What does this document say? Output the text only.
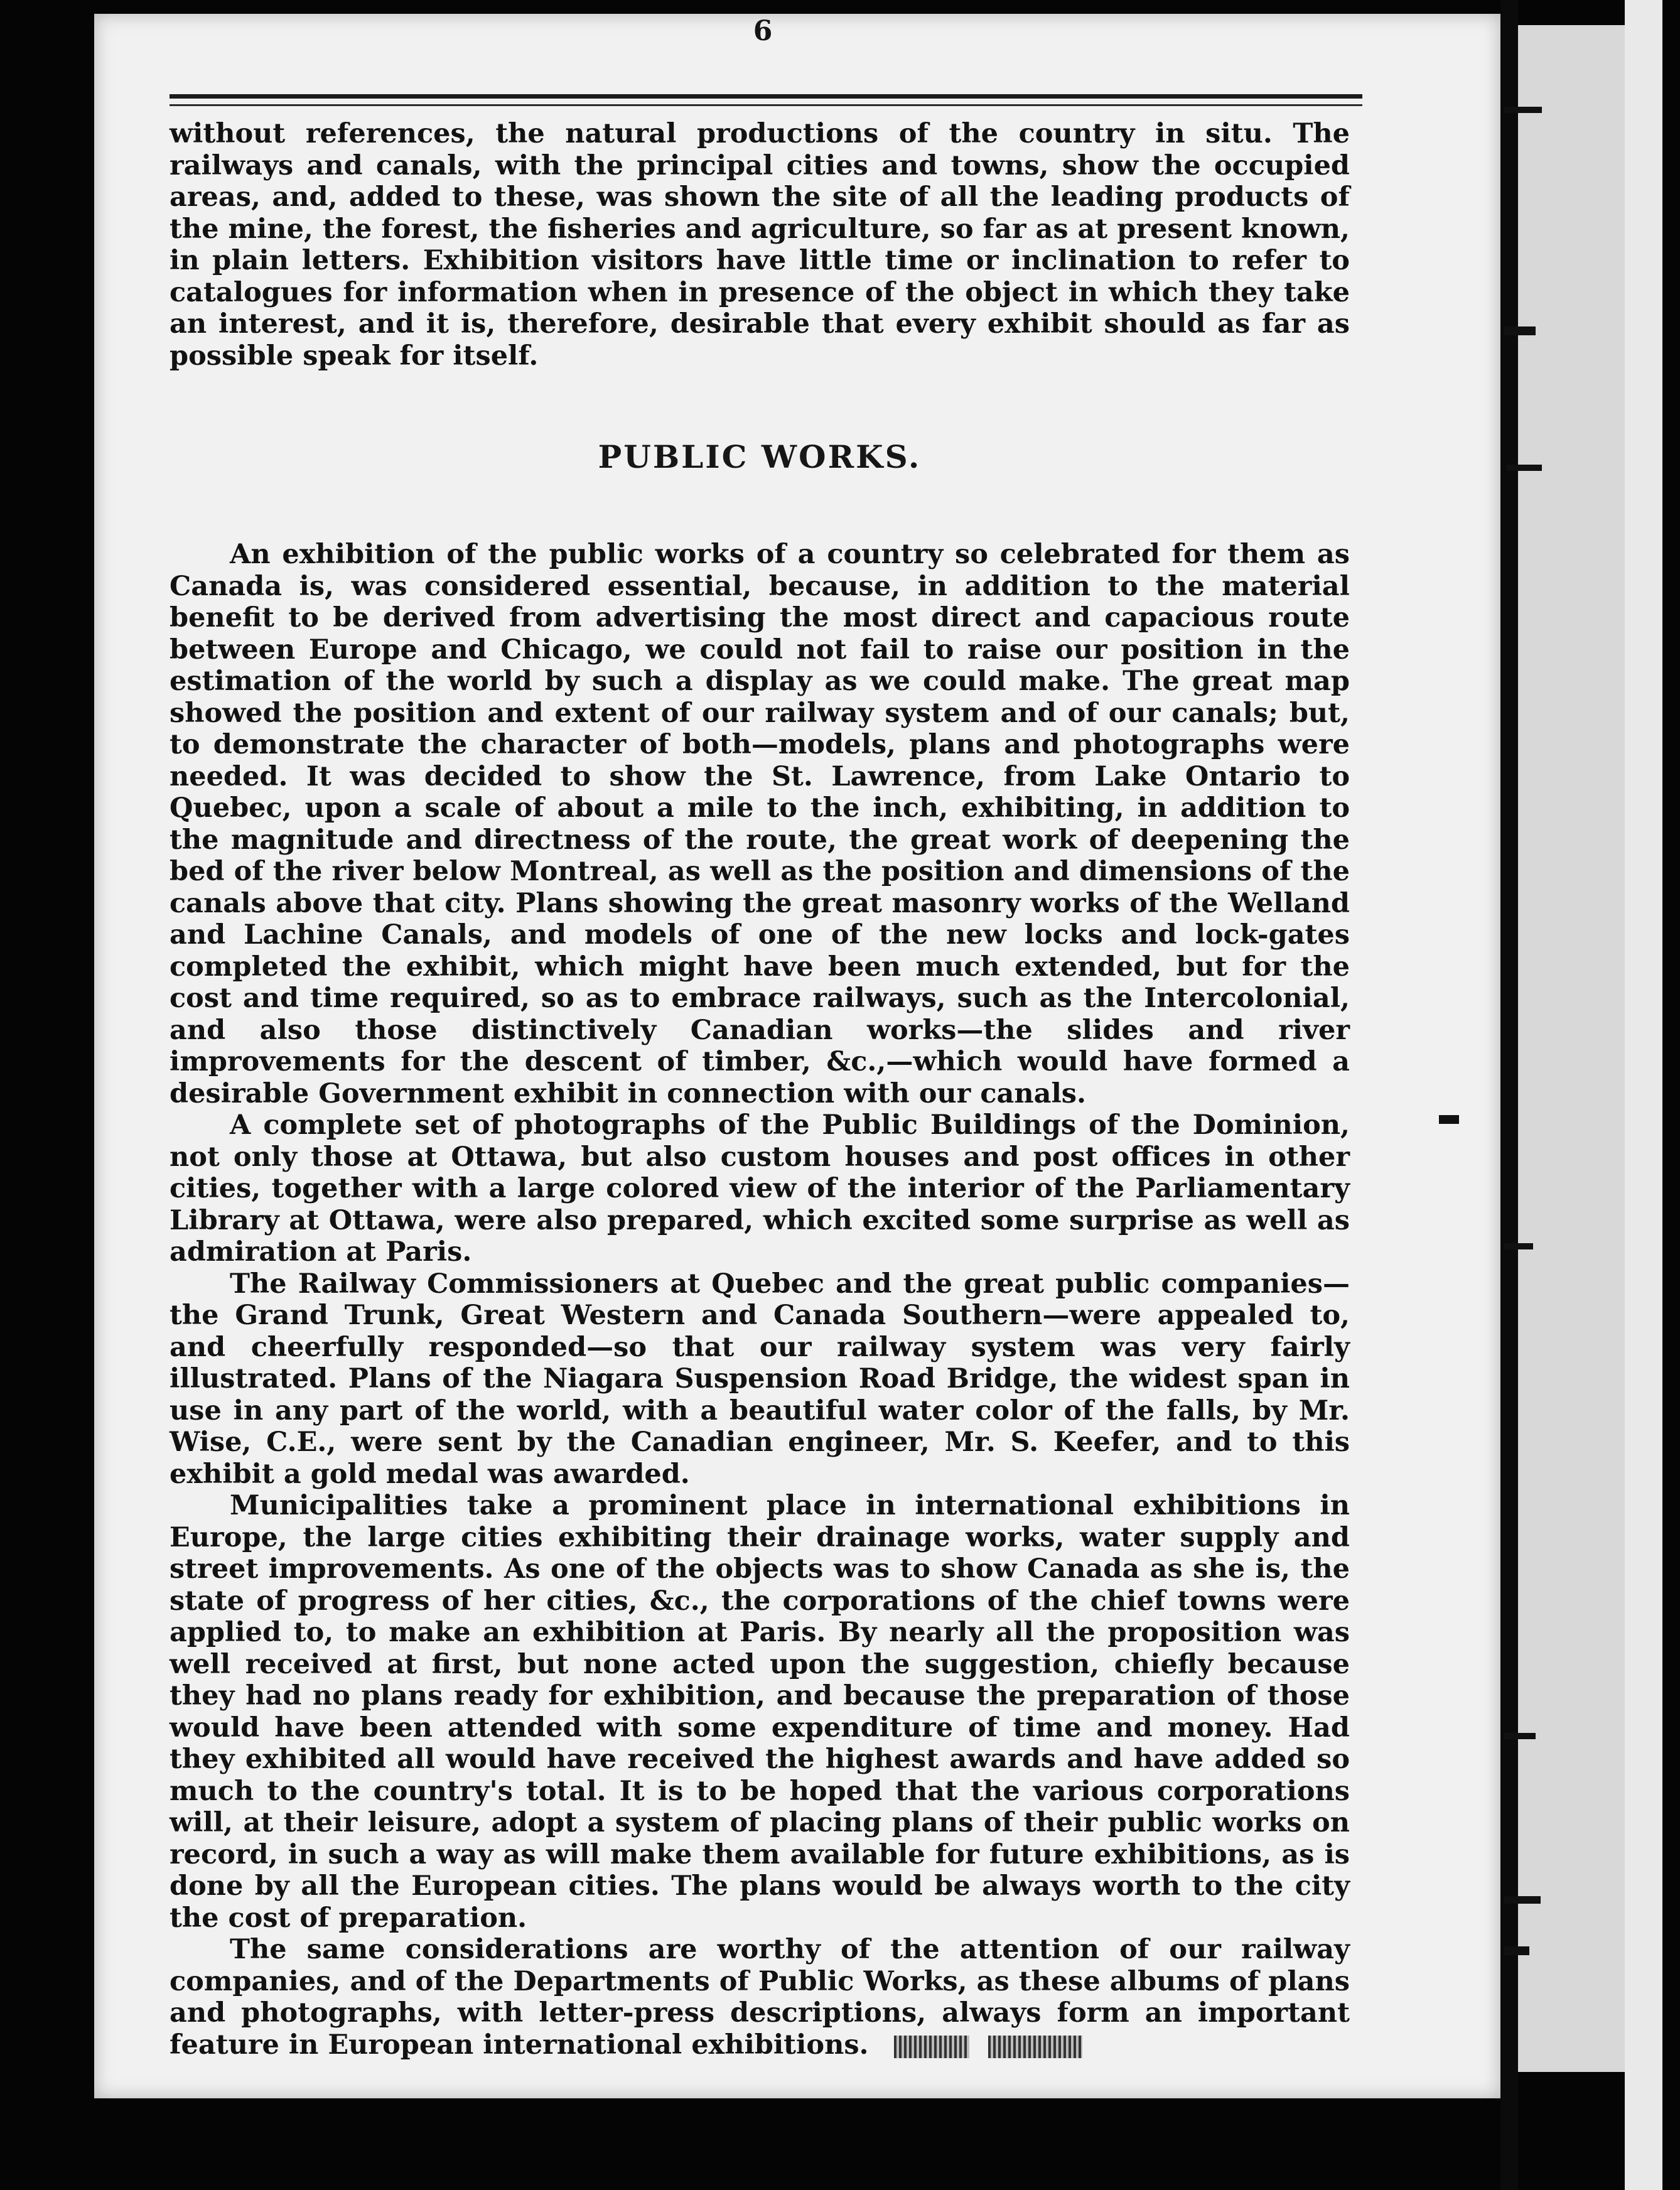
6

without references, the natural productions of the country in situ. The railways and canals, with the principal cities and towns, show the occupied areas, and, added to these, was shown the site of all the leading products of the mine, the forest, the fisheries and agriculture, so far as at present known, in plain letters. Exhibition visitors have little time or inclination to refer to catalogues for information when in presence of the object in which they take an interest, and it is, therefore, desirable that every exhibit should as far as possible speak for itself.

PUBLIC WORKS.

An exhibition of the public works of a country so celebrated for them as Canada is, was considered essential, because, in addition to the material benefit to be derived from advertising the most direct and capacious route between Europe and Chicago, we could not fail to raise our position in the estimation of the world by such a display as we could make. The great map showed the position and extent of our railway system and of our canals; but, to demonstrate the character of both—models, plans and photographs were needed. It was decided to show the St. Lawrence, from Lake Ontario to Quebec, upon a scale of about a mile to the inch, exhibiting, in addition to the magnitude and directness of the route, the great work of deepening the bed of the river below Montreal, as well as the position and dimensions of the canals above that city. Plans showing the great masonry works of the Welland and Lachine Canals, and models of one of the new locks and lock-gates completed the exhibit, which might have been much extended, but for the cost and time required, so as to embrace railways, such as the Intercolonial, and also those distinctively Canadian works—the slides and river improvements for the descent of timber, &c.,—which would have formed a desirable Government exhibit in connection with our canals.

A complete set of photographs of the Public Buildings of the Dominion, not only those at Ottawa, but also custom houses and post offices in other cities, together with a large colored view of the interior of the Parliamentary Library at Ottawa, were also prepared, which excited some surprise as well as admiration at Paris.

The Railway Commissioners at Quebec and the great public companies—the Grand Trunk, Great Western and Canada Southern—were appealed to, and cheerfully responded—so that our railway system was very fairly illustrated. Plans of the Niagara Suspension Road Bridge, the widest span in use in any part of the world, with a beautiful water color of the falls, by Mr. Wise, C.E., were sent by the Canadian engineer, Mr. S. Keefer, and to this exhibit a gold medal was awarded.

Municipalities take a prominent place in international exhibitions in Europe, the large cities exhibiting their drainage works, water supply and street improvements. As one of the objects was to show Canada as she is, the state of progress of her cities, &c., the corporations of the chief towns were applied to, to make an exhibition at Paris. By nearly all the proposition was well received at first, but none acted upon the suggestion, chiefly because they had no plans ready for exhibition, and because the preparation of those would have been attended with some expenditure of time and money. Had they exhibited all would have received the highest awards and have added so much to the country's total. It is to be hoped that the various corporations will, at their leisure, adopt a system of placing plans of their public works on record, in such a way as will make them available for future exhibitions, as is done by all the European cities. The plans would be always worth to the city the cost of preparation.

The same considerations are worthy of the attention of our railway companies, and of the Departments of Public Works, as these albums of plans and photographs, with letter-press descriptions, always form an important feature in European international exhibitions.
